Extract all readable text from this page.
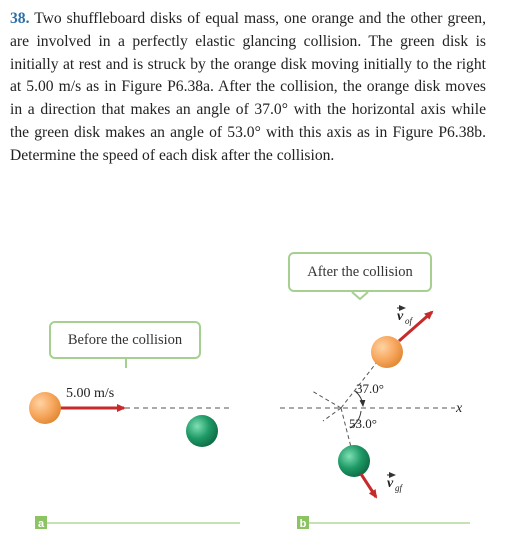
38. Two shuffleboard disks of equal mass, one orange and the other green, are involved in a perfectly elastic glancing collision. The green disk is initially at rest and is struck by the orange disk moving initially to the right at 5.00 m/s as in Figure P6.38a. After the collision, the orange disk moves in a direction that makes an angle of 37.0° with the horizontal axis while the green disk makes an angle of 53.0° with this axis as in Figure P6.38b. Determine the speed of each disk after the collision.

Before the collision
After the collision
5.00 m/s
x
37.0°
53.0°
v of
v gf
a	b
